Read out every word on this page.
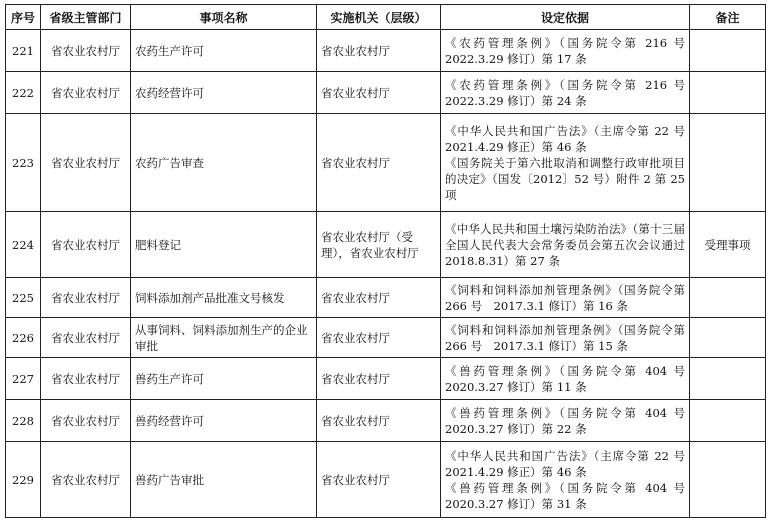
序号	省级主管部门	事项名称	实施机关（层级）	设定依据	备注
221	省农业农村厅	农药生产许可	省农业农村厅	《农药管理条例》（国务院令第 216 号 2022.3.29 修订）第 17 条	

222	省农业农村厅	农药经营许可	省农业农村厅	《农药管理条例》（国务院令第 216 号 2022.3.29 修订）第 24 条	

223	省农业农村厅	农药广告审查	省农业农村厅	《中华人民共和国广告法》（主席令第 22 号 2021.4.29 修正）第 46 条
《国务院关于第六批取消和调整行政审批项目的决定》（国发〔2012〕52 号）附件 2 第 25 项	

224	省农业农村厅	肥料登记	省农业农村厅（受理），省农业农村厅	《中华人民共和国土壤污染防治法》（第十三届全国人民代表大会常务委员会第五次会议通过 2018.8.31）第 27 条	受理事项
225	省农业农村厅	饲料添加剂产品批准文号核发	省农业农村厅	《饲料和饲料添加剂管理条例》（国务院令第 266 号　2017.3.1 修订）第 16 条	

226	省农业农村厅	从事饲料、饲料添加剂生产的企业审批	省农业农村厅	《饲料和饲料添加剂管理条例》（国务院令第 266 号　2017.3.1 修订）第 15 条	

227	省农业农村厅	兽药生产许可	省农业农村厅	《兽药管理条例》（国务院令第 404 号 2020.3.27 修订）第 11 条	

228	省农业农村厅	兽药经营许可	省农业农村厅	《兽药管理条例》（国务院令第 404 号 2020.3.27 修订）第 22 条	

229	省农业农村厅	兽药广告审批	省农业农村厅	《中华人民共和国广告法》（主席令第 22 号 2021.4.29 修正）第 46 条
《兽药管理条例》（国务院令第 404 号 2020.3.27 修订）第 31 条	
